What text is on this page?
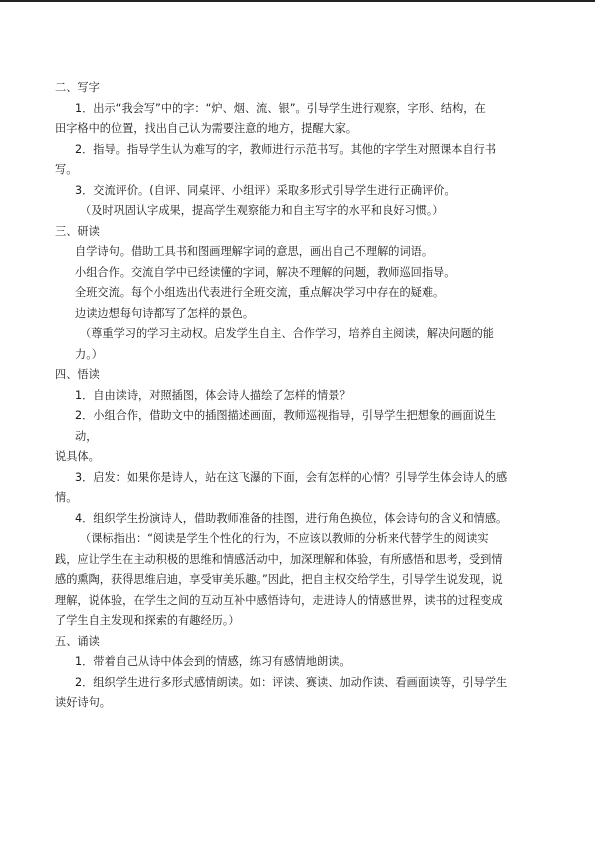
二、写字
1．出示“我会写”中的字：“炉、烟、流、银”。引导学生进行观察，字形、结构，在
田字格中的位置，找出自己认为需要注意的地方，提醒大家。
2．指导。指导学生认为难写的字，教师进行示范书写。其他的字学生对照课本自行书
写。
3．交流评价。(自评、同桌评、小组评）采取多形式引导学生进行正确评价。
（及时巩固认字成果，提高学生观察能力和自主写字的水平和良好习惯。）
三、研读
自学诗句。借助工具书和图画理解字词的意思，画出自己不理解的词语。
小组合作。交流自学中已经读懂的字词，解决不理解的问题，教师巡回指导。
全班交流。每个小组选出代表进行全班交流，重点解决学习中存在的疑难。
边读边想每句诗都写了怎样的景色。
（尊重学习的学习主动权。启发学生自主、合作学习，培养自主阅读，解决问题的能
力。）
四、悟读
1．自由读诗，对照插图，体会诗人描绘了怎样的情景？
2．小组合作，借助文中的插图描述画面，教师巡视指导，引导学生把想象的画面说生
动，
说具体。
3．启发：如果你是诗人，站在这飞瀑的下面，会有怎样的心情？引导学生体会诗人的感
情。
4．组织学生扮演诗人，借助教师准备的挂图，进行角色换位，体会诗句的含义和情感。
（课标指出：“阅读是学生个性化的行为，不应该以教师的分析来代替学生的阅读实
践，应让学生在主动积极的思维和情感活动中，加深理解和体验，有所感悟和思考，受到情
感的熏陶，获得思维启迪，享受审美乐趣。”因此，把自主权交给学生，引导学生说发现，说
理解，说体验，在学生之间的互动互补中感悟诗句，走进诗人的情感世界，读书的过程变成
了学生自主发现和探索的有趣经历。）
五、诵读
1．带着自己从诗中体会到的情感，练习有感情地朗读。
2．组织学生进行多形式感情朗读。如：评读、赛读、加动作读、看画面读等，引导学生
读好诗句。
